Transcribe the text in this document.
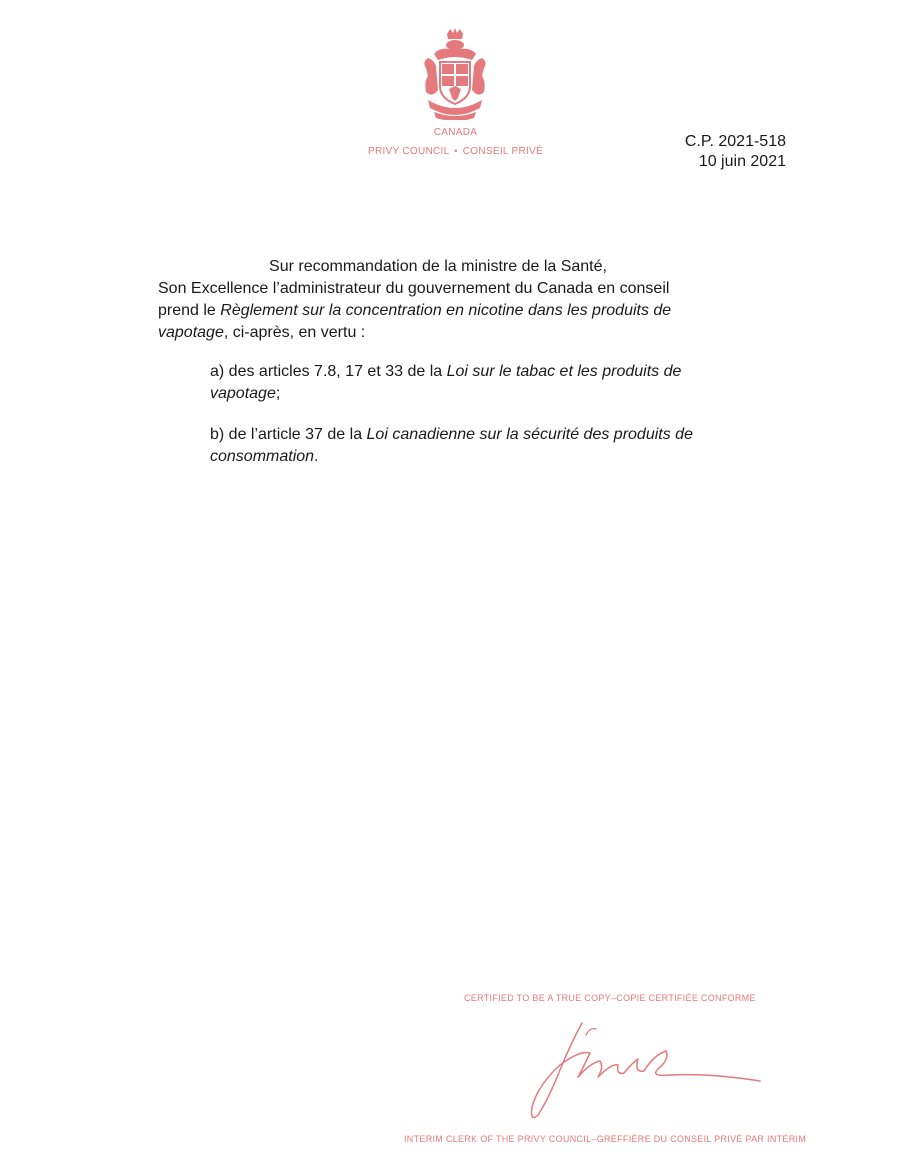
CANADA
PRIVY COUNCIL • CONSEIL PRIVÉ
C.P. 2021-518
10 juin 2021
Sur recommandation de la ministre de la Santé,
Son Excellence l’administrateur du gouvernement du Canada en conseil
prend le Règlement sur la concentration en nicotine dans les produits de vapotage, ci-après, en vertu :
a) des articles 7.8, 17 et 33 de la Loi sur le tabac et les produits de vapotage;
b) de l’article 37 de la Loi canadienne sur la sécurité des produits de consommation.
CERTIFIED TO BE A TRUE COPY–COPIE CERTIFIÉE CONFORME
INTERIM CLERK OF THE PRIVY COUNCIL–GREFFIÈRE DU CONSEIL PRIVÉ PAR INTÉRIM
